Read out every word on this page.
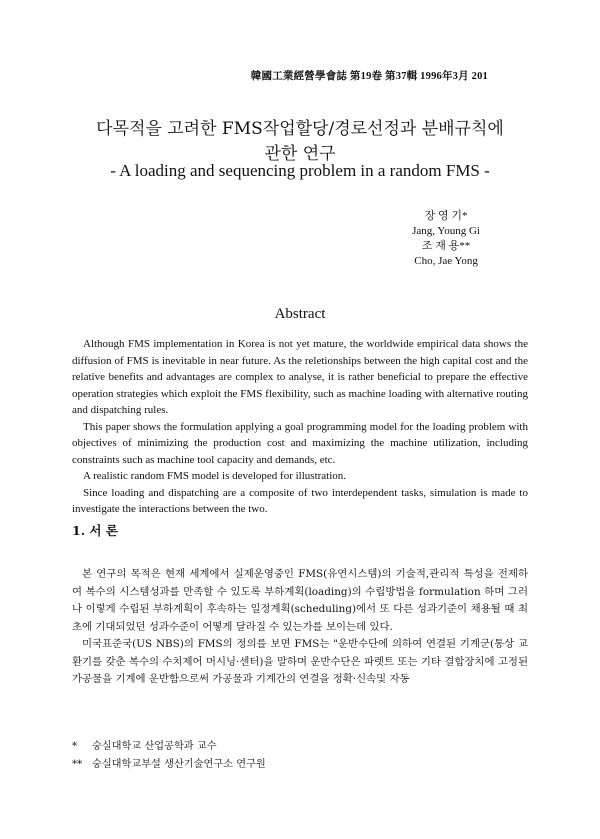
韓國工業經營學會誌 第19卷 第37輯 1996年3月 201
다목적을 고려한 FMS작업할당/경로선정과 분배규칙에
관한 연구
- A loading and sequencing problem in a random FMS -
장 영 기*
Jang, Young Gi
조 재 용**
Cho, Jae Yong
Abstract

Although FMS implementation in Korea is not yet mature, the worldwide empirical data shows the diffusion of FMS is inevitable in near future. As the reletionships between the high capital cost and the relative benefits and advantages are complex to analyse, it is rather beneficial to prepare the effective operation strategies which exploit the FMS flexibility, such as machine loading with alternative routing and dispatching rules.

This paper shows the formulation applying a goal programming model for the loading problem with objectives of minimizing the production cost and maximizing the machine utilization, including constraints such as machine tool capacity and demands, etc.

A realistic random FMS model is developed for illustration.

Since loading and dispatching are a composite of two interdependent tasks, simulation is made to investigate the interactions between the two.

1. 서 론

본 연구의 목적은 현재 세계에서 실제운영중인 FMS(유연시스템)의 기술적,관리적 특성을 전제하여 복수의 시스템성과를 만족할 수 있도록 부하계획(loading)의 수립방법을 formulation 하며 그러나 이렇게 수립된 부하계획이 후속하는 일정계획(scheduling)에서 또 다른 성과기준이 채용될 때 최초에 기대되었던 성과수준이 어떻게 달라질 수 있는가를 보이는데 있다.

미국표준국(US NBS)의 FMS의 정의를 보면 FMS는 "운반수단에 의하여 연결된 기계군(통상 교환기를 갖춘 복수의 수치제어 머시닝·센터)을 말하며 운반수단은 파렛트 또는 기타 결합장치에 고정된 가공물을 기계에 운반함으로써 가공물과 기계간의 연결을 정확·신속및 자동

* 숭실대학교 산업공학과 교수
** 숭실대학교부설 생산기술연구소 연구원
